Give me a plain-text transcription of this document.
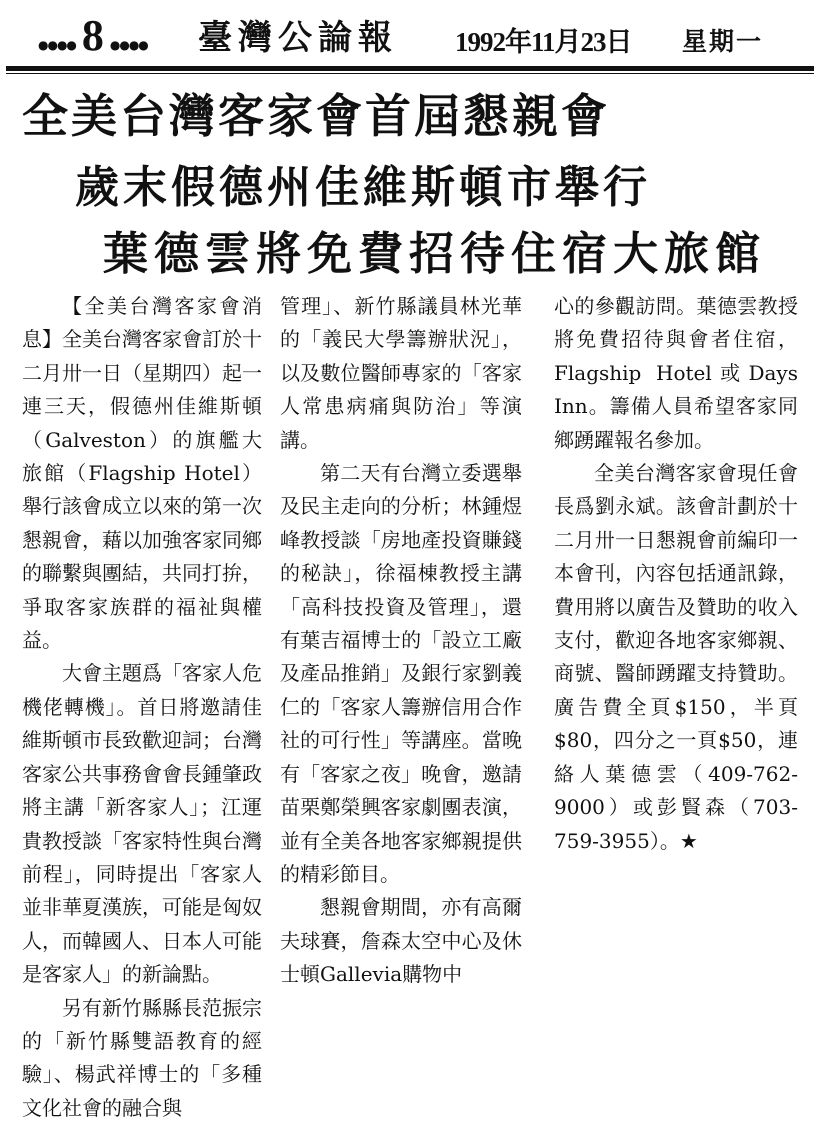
●●●● 8 ●●●● 臺灣公論報 1992年11月23日 星期一
全美台灣客家會首屆懇親會
歲末假德州佳維斯頓市舉行
葉德雲將免費招待住宿大旅館

【全美台灣客家會消息】全美台灣客家會訂於十二月卅一日（星期四）起一連三天，假德州佳維斯頓（Galveston）的旗艦大旅館（Flagship Hotel）舉行該會成立以來的第一次懇親會，藉以加強客家同鄉的聯繫與團結，共同打拚，爭取客家族群的福祉與權益。

大會主題爲「客家人危機佬轉機」。首日將邀請佳維斯頓市長致歡迎詞；台灣客家公共事務會會長鍾肇政將主講「新客家人」；江運貴教授談「客家特性與台灣前程」，同時提出「客家人並非華夏漢族，可能是匈奴人，而韓國人、日本人可能是客家人」的新論點。

另有新竹縣縣長范振宗的「新竹縣雙語教育的經驗」、楊武祥博士的「多種文化社會的融合與

管理」、新竹縣議員林光華的「義民大學籌辦狀況」，以及數位醫師專家的「客家人常患病痛與防治」等演講。

第二天有台灣立委選舉及民主走向的分析；林鍾煜峰教授談「房地產投資賺錢的秘訣」，徐福棟教授主講「高科技投資及管理」，還有葉吉福博士的「設立工廠及產品推銷」及銀行家劉義仁的「客家人籌辦信用合作社的可行性」等講座。當晚有「客家之夜」晚會，邀請苗栗鄭榮興客家劇團表演，並有全美各地客家鄉親提供的精彩節目。

懇親會期間，亦有高爾夫球賽，詹森太空中心及休士頓Gallevia購物中

心的參觀訪問。葉德雲教授將免費招待與會者住宿，Flagship Hotel或Days Inn。籌備人員希望客家同鄉踴躍報名參加。

全美台灣客家會現任會長爲劉永斌。該會計劃於十二月卅一日懇親會前編印一本會刊，內容包括通訊錄，費用將以廣告及贊助的收入支付，歡迎各地客家鄉親、商號、醫師踴躍支持贊助。廣告費全頁$150，半頁$80，四分之一頁$50，連絡人葉德雲（409-762-9000）或彭賢森（703-759-3955）。★
